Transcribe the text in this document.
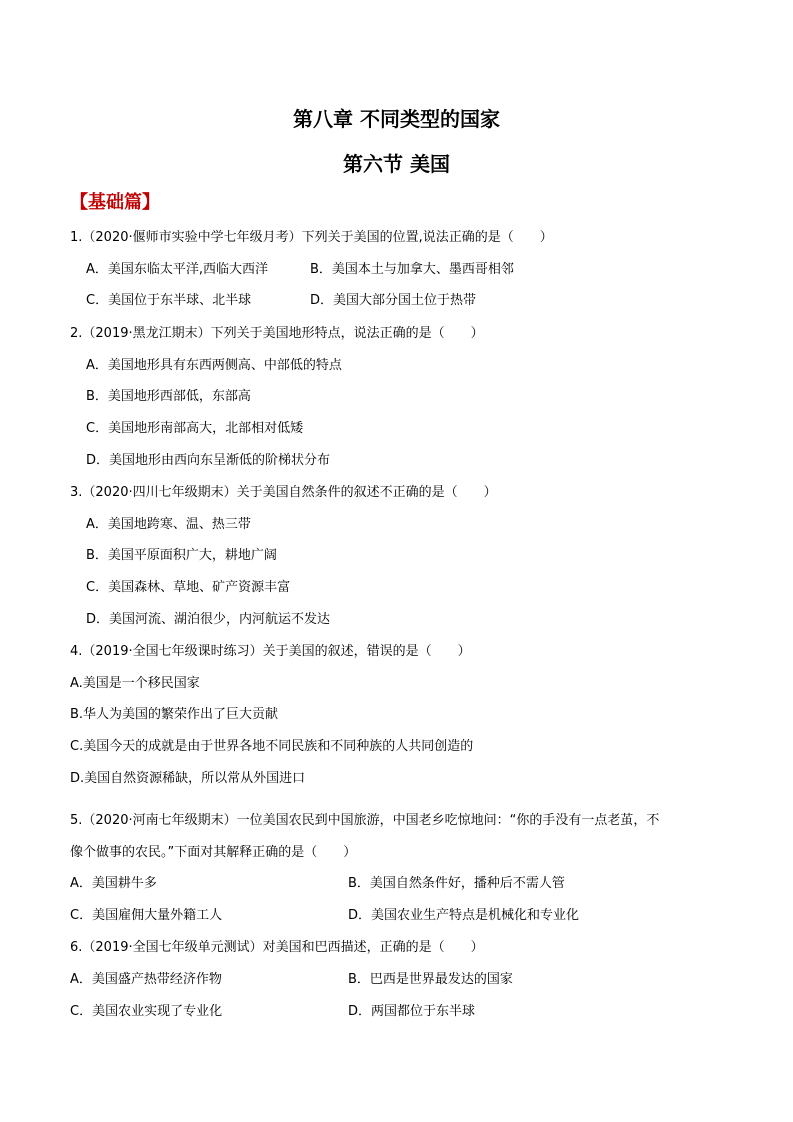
第八章 不同类型的国家
第六节 美国
【基础篇】
1.（2020·偃师市实验中学七年级月考）下列关于美国的位置,说法正确的是（　　）
A．美国东临太平洋,西临大西洋	B．美国本土与加拿大、墨西哥相邻
C．美国位于东半球、北半球	D．美国大部分国土位于热带
2.（2019·黑龙江期末）下列关于美国地形特点，说法正确的是（　　）
A．美国地形具有东西两侧高、中部低的特点
B．美国地形西部低，东部高
C．美国地形南部高大，北部相对低矮
D．美国地形由西向东呈渐低的阶梯状分布
3.（2020·四川七年级期末）关于美国自然条件的叙述不正确的是（　　）
A．美国地跨寒、温、热三带
B．美国平原面积广大，耕地广阔
C．美国森林、草地、矿产资源丰富
D．美国河流、湖泊很少，内河航运不发达
4.（2019·全国七年级课时练习）关于美国的叙述，错误的是（　　）
A.美国是一个移民国家
B.华人为美国的繁荣作出了巨大贡献
C.美国今天的成就是由于世界各地不同民族和不同种族的人共同创造的
D.美国自然资源稀缺，所以常从外国进口
5.（2020·河南七年级期末）一位美国农民到中国旅游，中国老乡吃惊地问：“你的手没有一点老茧，不
像个做事的农民。”下面对其解释正确的是（　　）
A．美国耕牛多	B．美国自然条件好，播种后不需人管
C．美国雇佣大量外籍工人	D．美国农业生产特点是机械化和专业化
6.（2019·全国七年级单元测试）对美国和巴西描述，正确的是（　　）
A．美国盛产热带经济作物	B．巴西是世界最发达的国家
C．美国农业实现了专业化	D．两国都位于东半球
